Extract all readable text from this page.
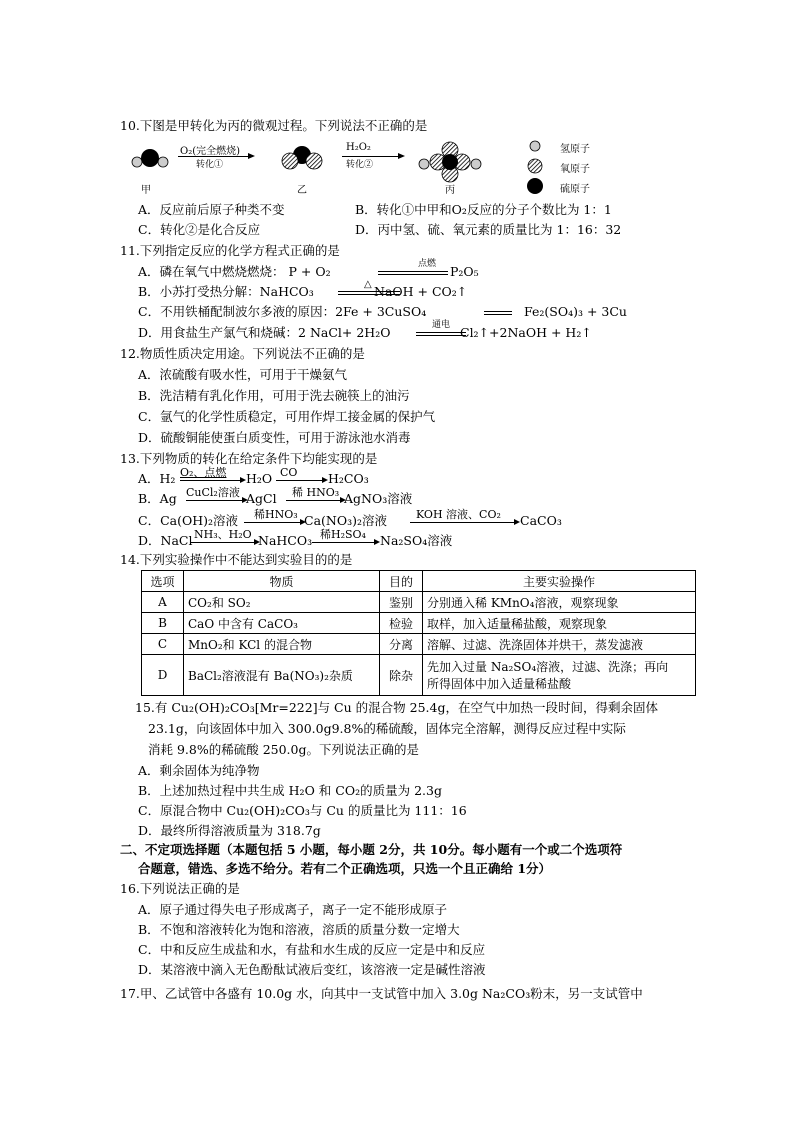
10.下图是甲转化为丙的微观过程。下列说法不正确的是
氢原子
氧原子
硫原子
O₂(完全燃烧)
转化①
H₂O₂
转化②
甲	乙	丙
A．反应前后原子种类不变	B．转化①中甲和O₂反应的分子个数比为 1：1
C．转化②是化合反应	D．丙中氢、硫、氧元素的质量比为 1：16：32
11.下列指定反应的化学方程式正确的是
A．磷在氧气中燃烧燃烧： P + O₂	点燃 P₂O₅
B．小苏打受热分解：NaHCO₃	△ NaOH + CO₂↑
C．不用铁桶配制波尔多液的原因：2Fe + 3CuSO₄	Fe₂(SO₄)₃ + 3Cu
D．用食盐生产氯气和烧碱：2 NaCl+ 2H₂O	通电 Cl₂↑+2NaOH + H₂↑
12.物质性质决定用途。下列说法不正确的是
A．浓硫酸有吸水性，可用于干燥氨气
B．洗洁精有乳化作用，可用于洗去碗筷上的油污
C．氩气的化学性质稳定，可用作焊工接金属的保护气
D．硫酸铜能使蛋白质变性，可用于游泳池水消毒
13.下列物质的转化在给定条件下均能实现的是
A．H₂ O₂、点燃 H₂O CO H₂CO₃
B．Ag CuCl₂溶液 AgCl 稀 HNO₃ AgNO₃溶液
C．Ca(OH)₂溶液 稀HNO₃ Ca(NO₃)₂溶液	KOH 溶液、CO₂ CaCO₃
D．NaCl NH₃、H₂O NaHCO₃ 稀H₂SO₄ Na₂SO₄溶液
14.下列实验操作中不能达到实验目的的是
选项	物质	目的	主要实验操作
A	CO₂和 SO₂	鉴别	分别通入稀 KMnO₄溶液，观察现象
B	CaO 中含有 CaCO₃	检验	取样，加入适量稀盐酸，观察现象
C	MnO₂和 KCl 的混合物	分离	溶解、过滤、洗涤固体并烘干，蒸发滤液
D	BaCl₂溶液混有 Ba(NO₃)₂杂质	除杂	先加入过量 Na₂SO₄溶液，过滤、洗涤；再向
所得固体中加入适量稀盐酸
15.有 Cu₂(OH)₂CO₃[Mr=222]与 Cu 的混合物 25.4g，在空气中加热一段时间，得剩余固体
23.1g，向该固体中加入 300.0g9.8%的稀硫酸，固体完全溶解，测得反应过程中实际
消耗 9.8%的稀硫酸 250.0g。下列说法正确的是
A．剩余固体为纯净物
B．上述加热过程中共生成 H₂O 和 CO₂的质量为 2.3g
C．原混合物中 Cu₂(OH)₂CO₃与 Cu 的质量比为 111：16
D．最终所得溶液质量为 318.7g
二、不定项选择题（本题包括 5 小题，每小题 2分，共 10分。每小题有一个或二个选项符
合题意，错选、多选不给分。若有二个正确选项，只选一个且正确给 1分）
16.下列说法正确的是
A．原子通过得失电子形成离子，离子一定不能形成原子
B．不饱和溶液转化为饱和溶液，溶质的质量分数一定增大
C．中和反应生成盐和水，有盐和水生成的反应一定是中和反应
D．某溶液中滴入无色酚酞试液后变红，该溶液一定是碱性溶液
17.甲、乙试管中各盛有 10.0g 水，向其中一支试管中加入 3.0g Na₂CO₃粉末，另一支试管中
